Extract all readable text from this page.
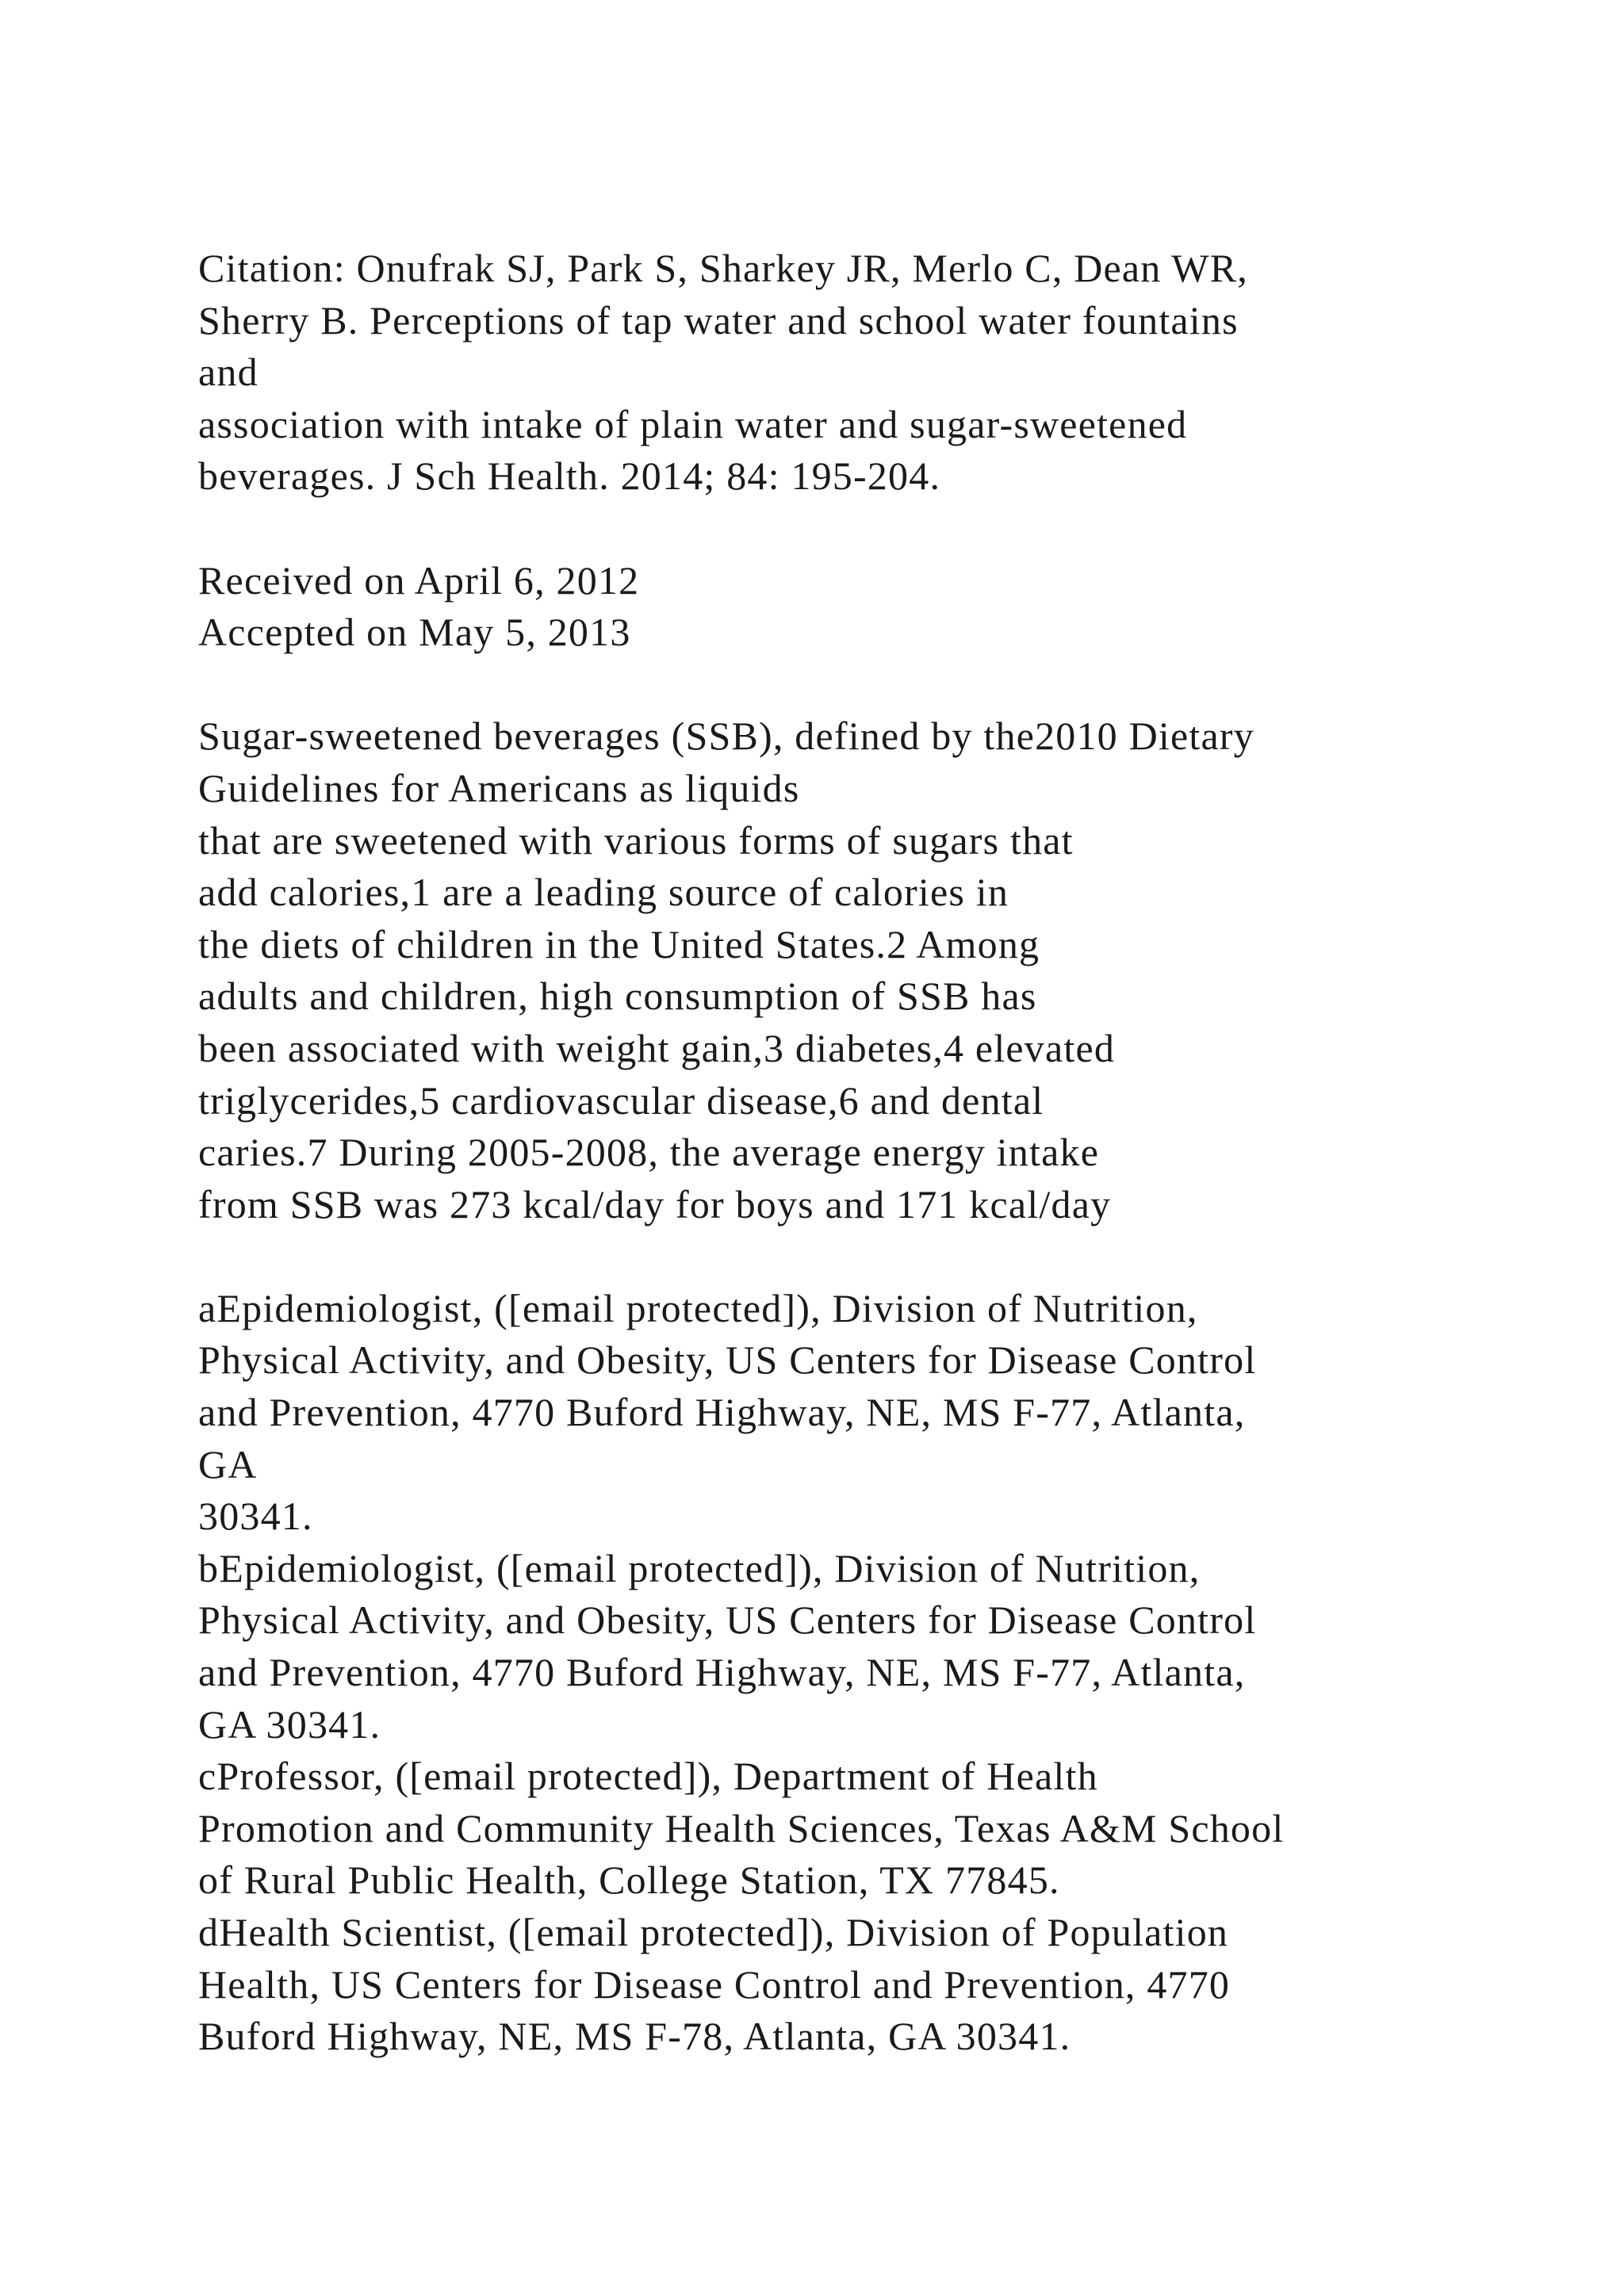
Citation: Onufrak SJ, Park S, Sharkey JR, Merlo C, Dean WR,
Sherry B. Perceptions of tap water and school water fountains
and
association with intake of plain water and sugar-sweetened
beverages. J Sch Health. 2014; 84: 195-204.
Received on April 6, 2012
Accepted on May 5, 2013
Sugar-sweetened beverages (SSB), defined by the2010 Dietary
Guidelines for Americans as liquids
that are sweetened with various forms of sugars that
add calories,1 are a leading source of calories in
the diets of children in the United States.2 Among
adults and children, high consumption of SSB has
been associated with weight gain,3 diabetes,4 elevated
triglycerides,5 cardiovascular disease,6 and dental
caries.7 During 2005-2008, the average energy intake
from SSB was 273 kcal/day for boys and 171 kcal/day
aEpidemiologist, ([email protected]), Division of Nutrition,
Physical Activity, and Obesity, US Centers for Disease Control
and Prevention, 4770 Buford Highway, NE, MS F-77, Atlanta,
GA
30341.
bEpidemiologist, ([email protected]), Division of Nutrition,
Physical Activity, and Obesity, US Centers for Disease Control
and Prevention, 4770 Buford Highway, NE, MS F-77, Atlanta,
GA 30341.
cProfessor, ([email protected]), Department of Health
Promotion and Community Health Sciences, Texas A&M School
of Rural Public Health, College Station, TX 77845.
dHealth Scientist, ([email protected]), Division of Population
Health, US Centers for Disease Control and Prevention, 4770
Buford Highway, NE, MS F-78, Atlanta, GA 30341.
